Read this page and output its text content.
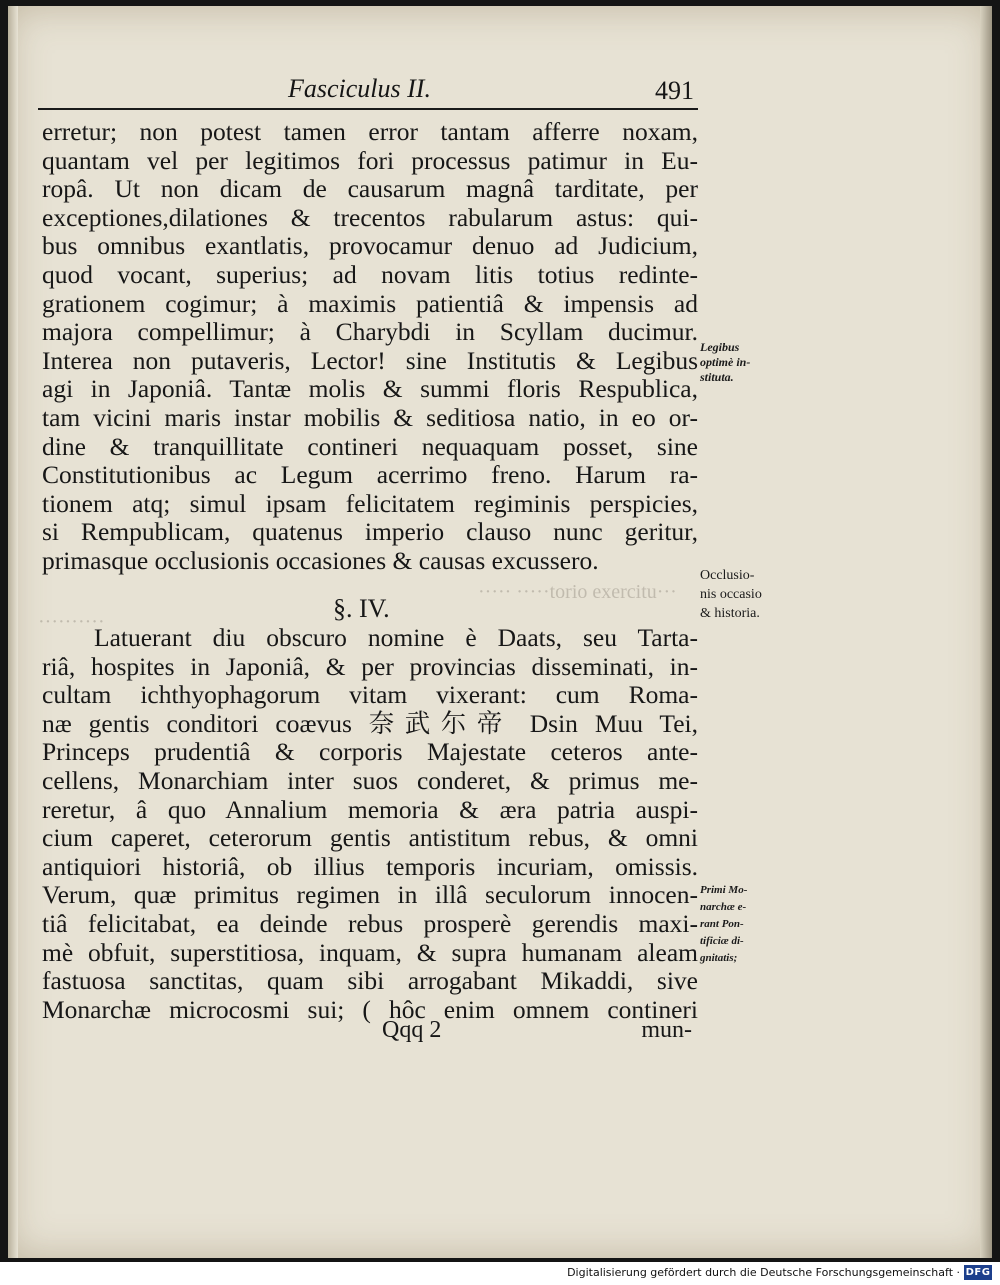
····· ·····torio exercitu···
··········
Fasciculus II.	491
erretur; non potest tamen error tantam afferre noxam,
quantam vel per legitimos fori processus patimur in Eu-
ropâ. Ut non dicam de causarum magnâ tarditate, per
exceptiones,dilationes & trecentos rabularum astus: qui-
bus omnibus exantlatis, provocamur denuo ad Judicium,
quod vocant, superius; ad novam litis totius redinte-
grationem cogimur; à maximis patientiâ & impensis ad
majora compellimur; à Charybdi in Scyllam ducimur.
Interea non putaveris, Lector! sine Institutis & Legibus
agi in Japoniâ. Tantæ molis & summi floris Respublica,
tam vicini maris instar mobilis & seditiosa natio, in eo or-
dine & tranquillitate contineri nequaquam posset, sine
Constitutionibus ac Legum acerrimo freno. Harum ra-
tionem atq; simul ipsam felicitatem regiminis perspicies,
si Rempublicam, quatenus imperio clauso nunc geritur,
primasque occlusionis occasiones & causas excussero.
§. IV.
Latuerant diu obscuro nomine è Daats, seu Tarta-
riâ, hospites in Japoniâ, & per provincias disseminati, in-
cultam ichthyophagorum vitam vixerant: cum Roma-
næ gentis conditori coævus 奈武尓帝 Dsin Muu Tei,
Princeps prudentiâ & corporis Majestate ceteros ante-
cellens, Monarchiam inter suos conderet, & primus me-
reretur, â quo Annalium memoria & æra patria auspi-
cium caperet, ceterorum gentis antistitum rebus, & omni
antiquiori historiâ, ob illius temporis incuriam, omissis.
Verum, quæ primitus regimen in illâ seculorum innocen-
tiâ felicitabat, ea deinde rebus prosperè gerendis maxi-
mè obfuit, superstitiosa, inquam, & supra humanam aleam
fastuosa sanctitas, quam sibi arrogabant Mikaddi, sive
Monarchæ microcosmi sui; ( hôc enim omnem contineri
Qqq 2	mun-
Legibus
optimè in-
stituta.
Occlusio-
nis occasio
& historia.
Primi Mo-
narchæ e-
rant Pon-
tificiæ di-
gnitatis;
Digitalisierung gefördert durch die Deutsche Forschungsgemeinschaft · DFG
